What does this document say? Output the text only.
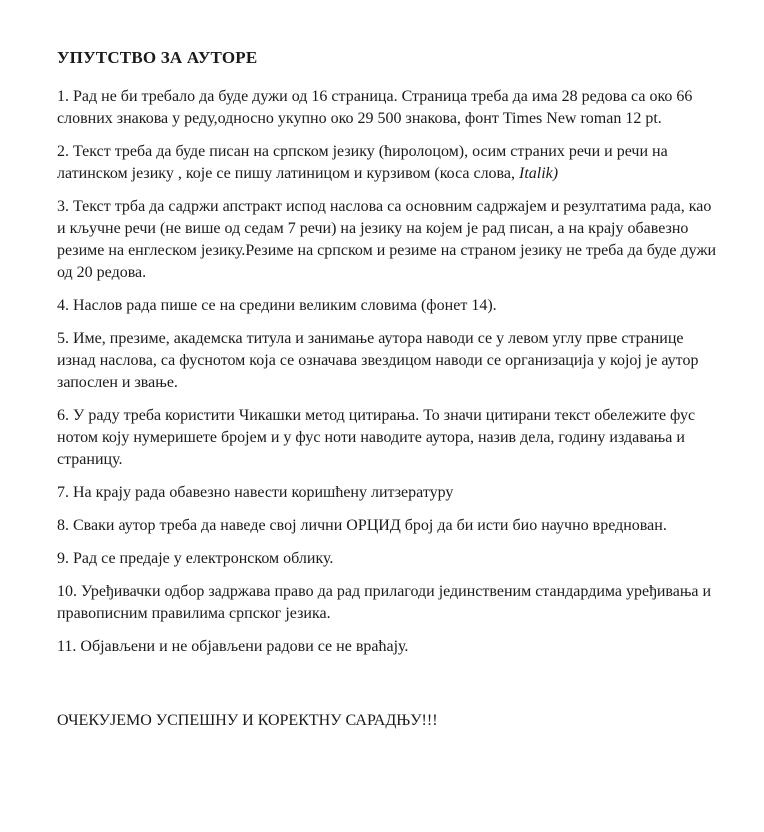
УПУТСТВО ЗА АУТОРЕ

1. Рад не би требало да буде дужи од 16 страница. Страница треба да има 28 редова са око 66 словних знакова у реду,односно укупно око 29 500 знакова, фонт Times New roman 12 pt.

2. Текст треба да буде писан на српском језику (ћиролоцом), осим страних речи и речи на латинском језику , које се пишу латиницом и курзивом (коса слова, Italik)

3. Текст трба да садржи апстракт испод наслова са основним садржајем и резултатима рада, као и кључне речи (не више од седам 7 речи) на језику на којем је рад писан, а на крају обавезно резиме на енглеском језику.Резиме на српском и резиме на страном језику не треба да буде дужи од 20 редова.

4. Наслов рада пише се на средини великим словима (фонет 14).

5. Име, презиме, академска титула и занимање аутора наводи се у левом углу прве странице изнад наслова, са фуснотом која се означава звездицом наводи се организација у којој је аутор запослен и звање.

6. У раду треба користити Чикашки метод цитирања. То значи цитирани текст обележите фус нотом коју нумеришете бројем и у фус ноти наводите аутора, назив дела, годину издавања и страницу.

7. На крају рада обавезно навести коришћену литзературу

8. Сваки аутор треба да наведе свој лични ОРЦИД број да би исти био научно вреднован.

9. Рад се предаје у електронском облику.

10. Уређивачки одбор задржава право да рад прилагоди јединственим стандардима уређивања и правописним правилима српског језика.

11. Објављени и не објављени радови се не враћају.

ОЧЕКУЈЕМО УСПЕШНУ И КОРЕКТНУ САРАДЊУ!!!
